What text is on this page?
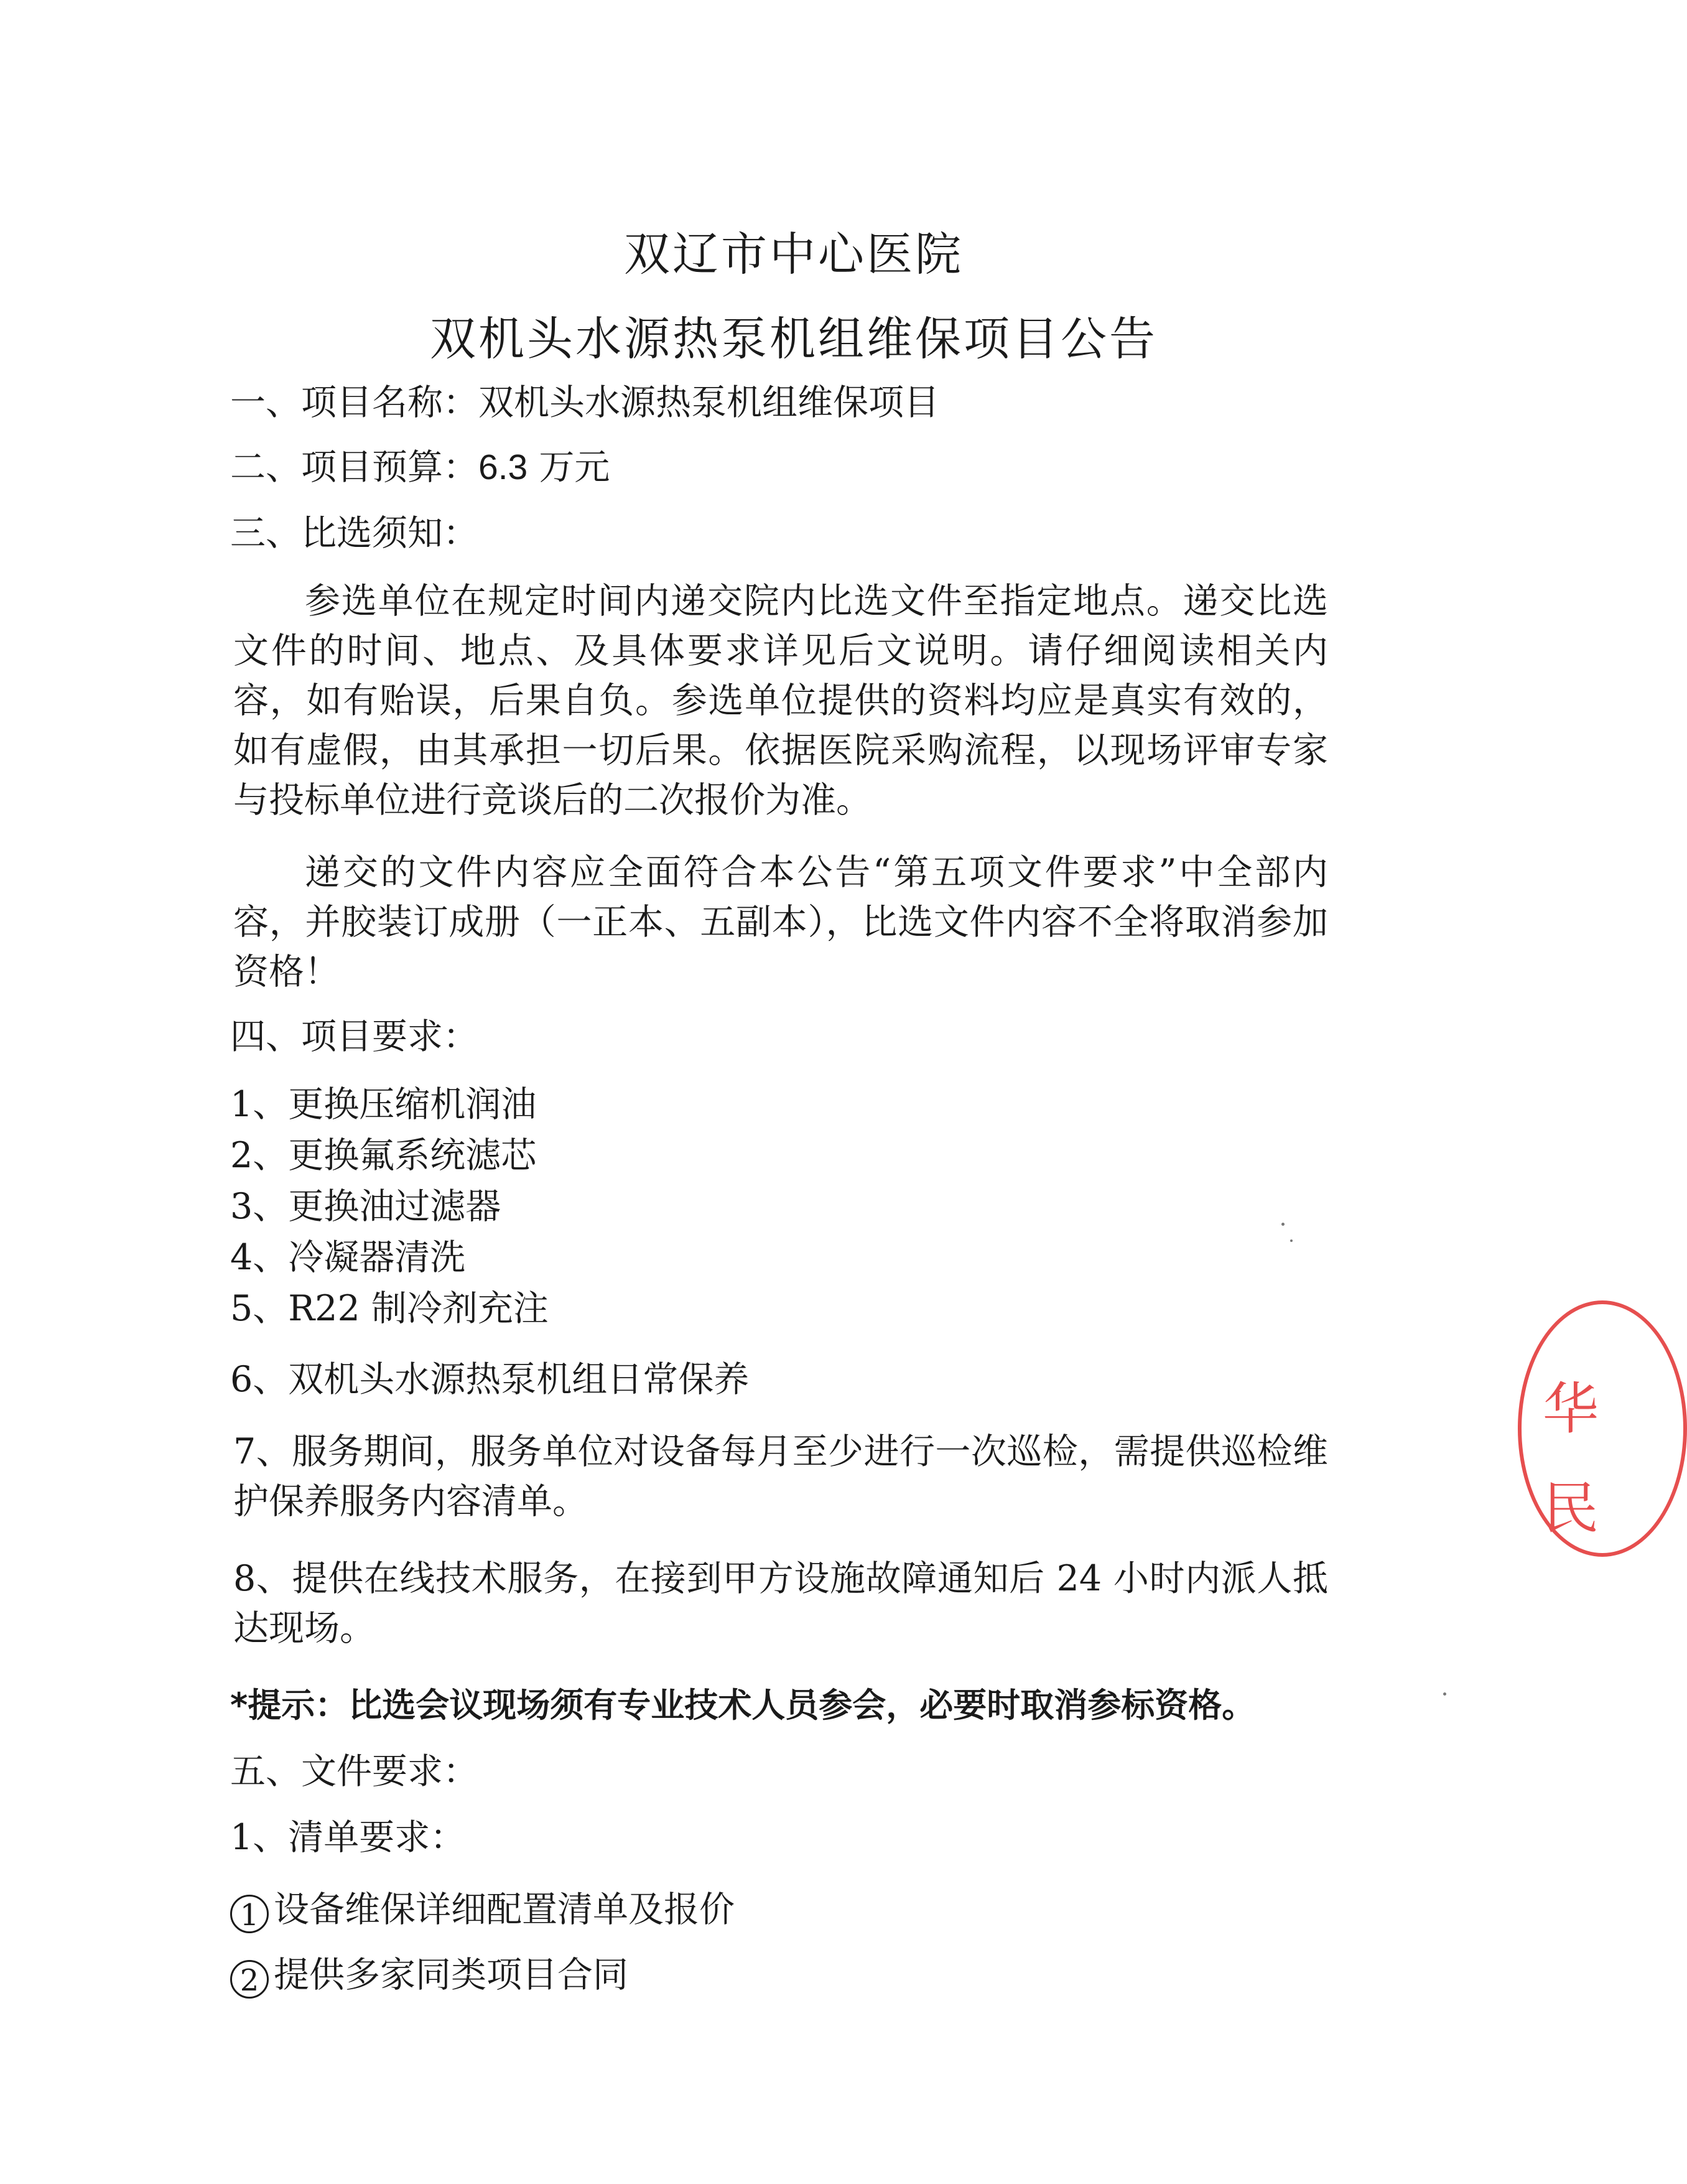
双辽市中心医院
双机头水源热泵机组维保项目公告
一、项目名称：双机头水源热泵机组维保项目
二、项目预算：6.3 万元
三、比选须知：
参选单位在规定时间内递交院内比选文件至指定地点。递交比选文件的时间、地点、及具体要求详见后文说明。请仔细阅读相关内容，如有贻误，后果自负。参选单位提供的资料均应是真实有效的，如有虚假，由其承担一切后果。依据医院采购流程，以现场评审专家与投标单位进行竞谈后的二次报价为准。
递交的文件内容应全面符合本公告“第五项文件要求”中全部内容，并胶装订成册（一正本、五副本），比选文件内容不全将取消参加资格！
四、项目要求：
1、更换压缩机润油
2、更换氟系统滤芯
3、更换油过滤器
4、冷凝器清洗
5、R22 制冷剂充注
6、双机头水源热泵机组日常保养
7、服务期间，服务单位对设备每月至少进行一次巡检，需提供巡检维护保养服务内容清单。
8、提供在线技术服务，在接到甲方设施故障通知后 24 小时内派人抵达现场。
*提示：比选会议现场须有专业技术人员参会，必要时取消参标资格。
五、文件要求：
1、清单要求：
1 设备维保详细配置清单及报价
2 提供多家同类项目合同
华
民
